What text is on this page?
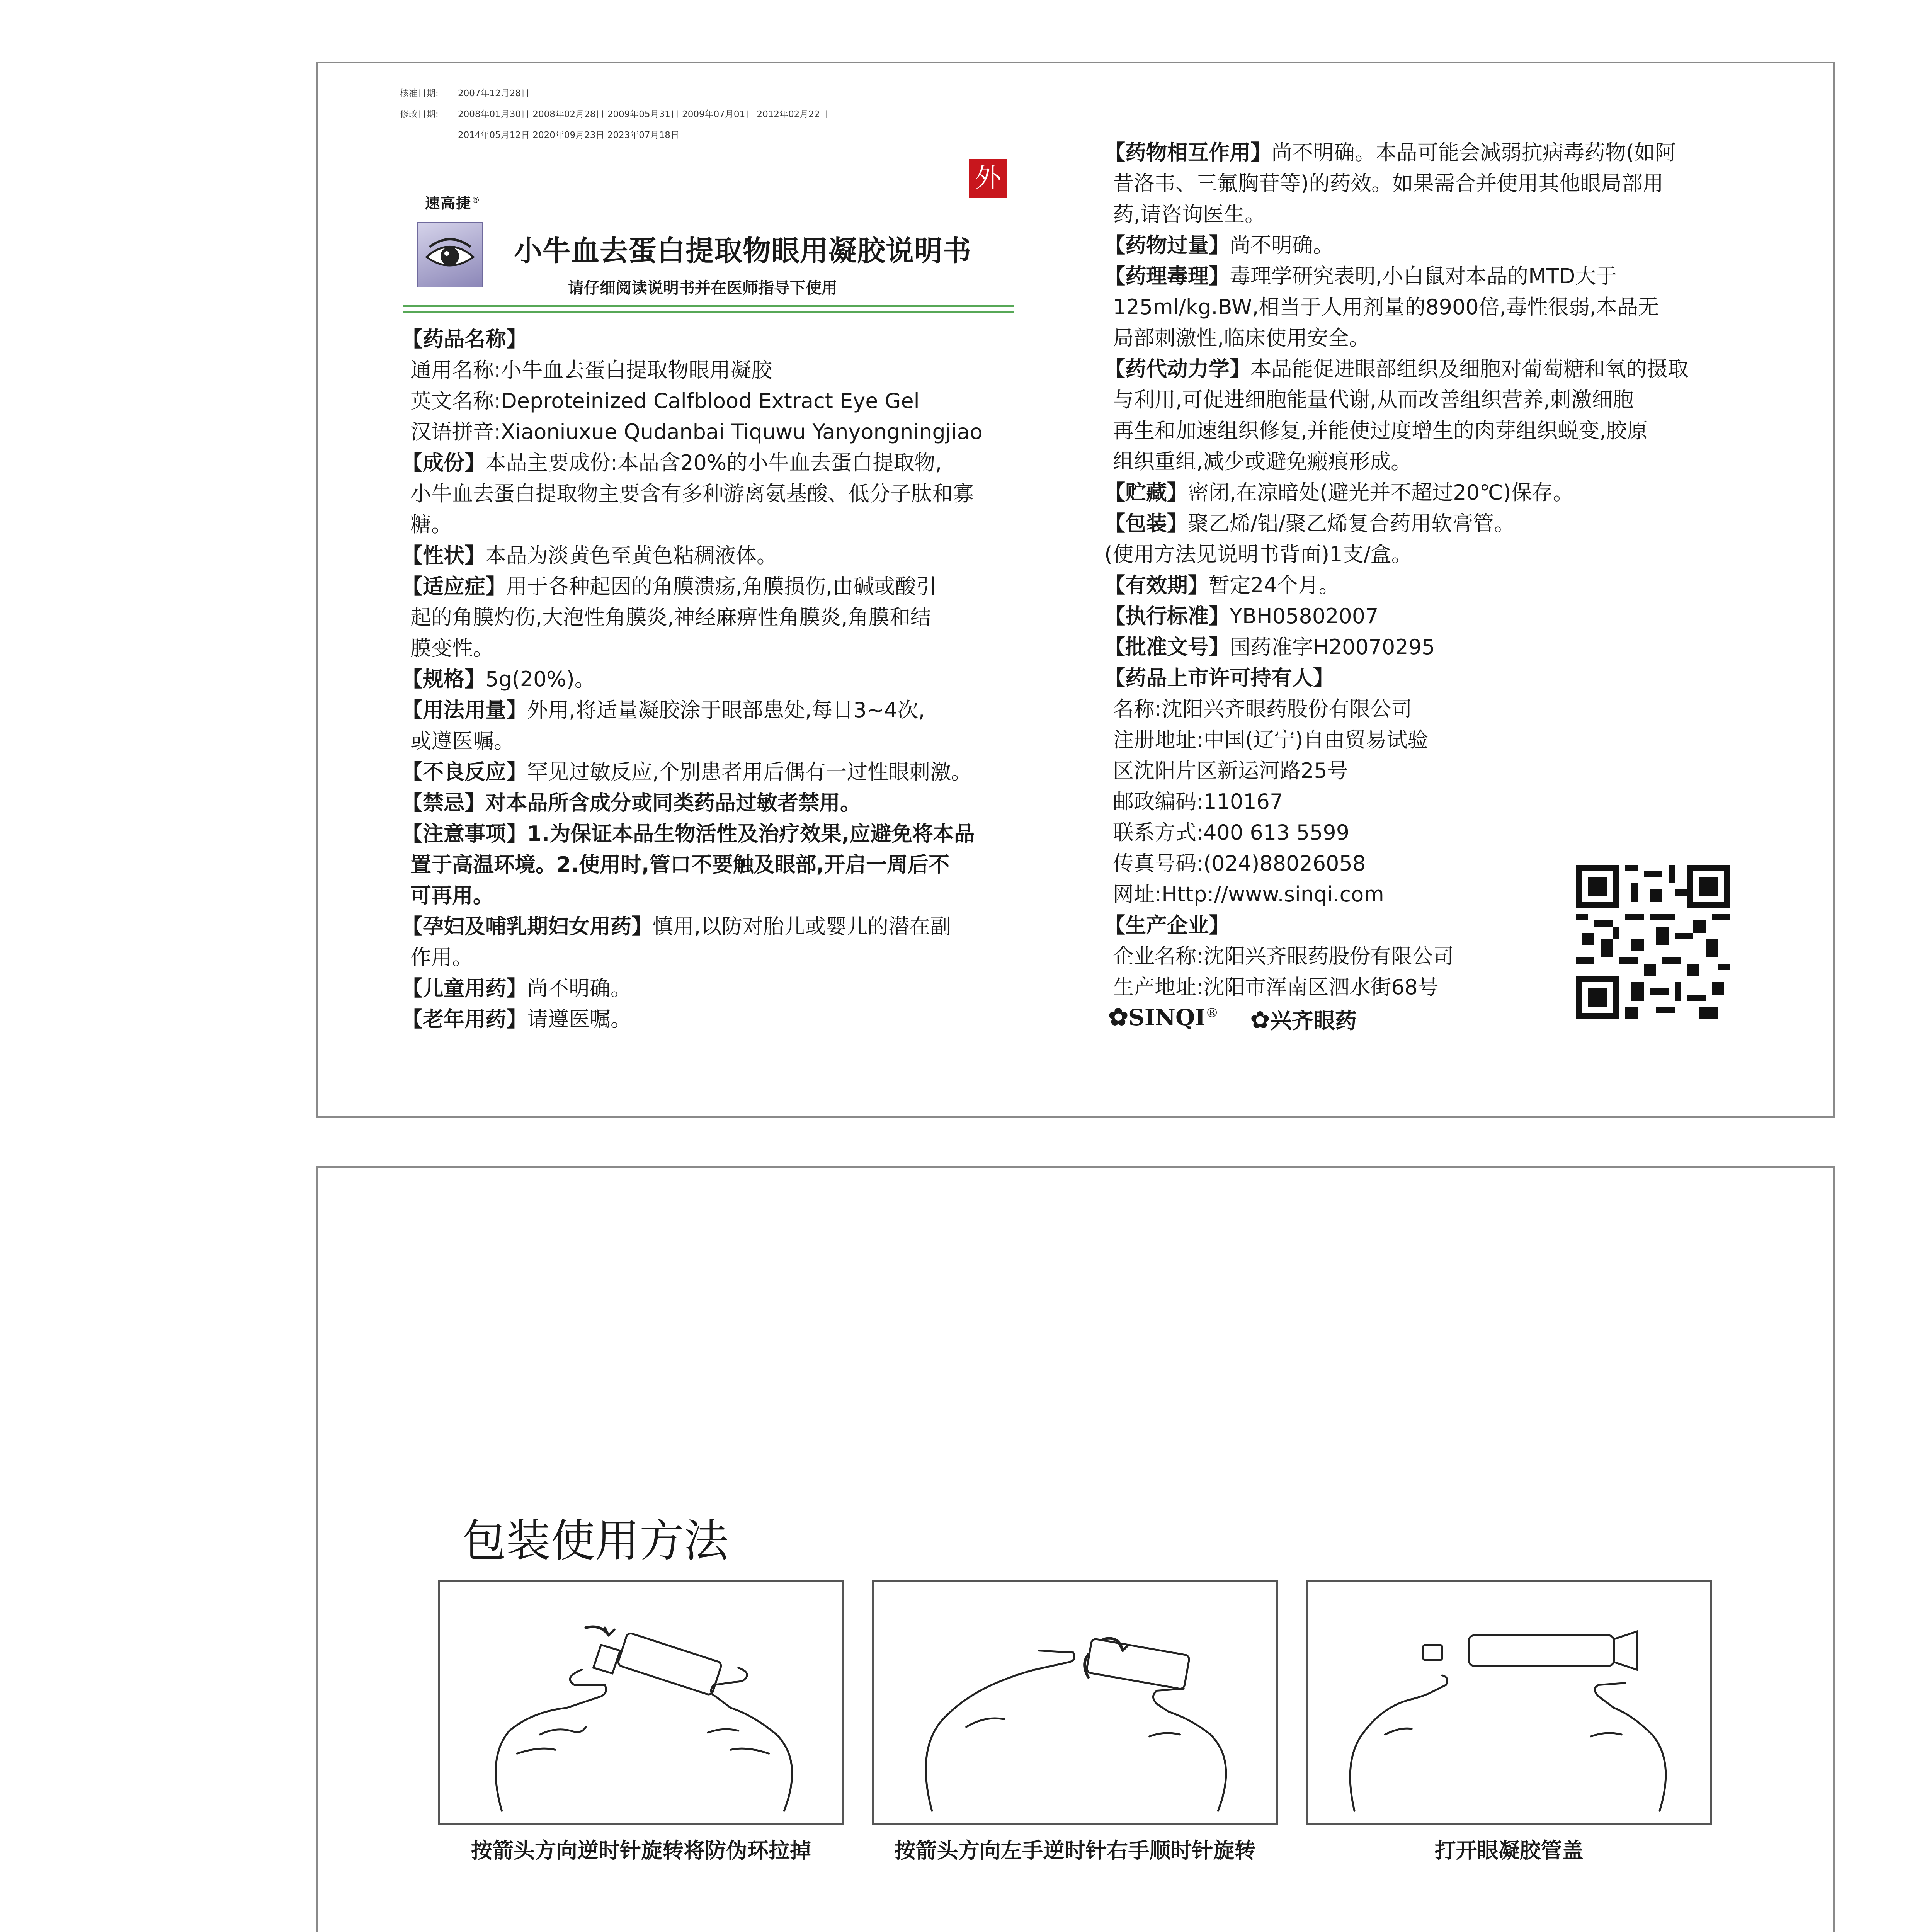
核准日期: 2007年12月28日
修改日期: 2008年01月30日 2008年02月28日 2009年05月31日 2009年07月01日 2012年02月22日
2014年05月12日 2020年09月23日 2023年07月18日
速高捷®
小牛血去蛋白提取物眼用凝胶说明书
外
请仔细阅读说明书并在医师指导下使用
【药品名称】
通用名称:小牛血去蛋白提取物眼用凝胶
英文名称:Deproteinized Calfblood Extract Eye Gel
汉语拼音:Xiaoniuxue Qudanbai Tiquwu Yanyongningjiao
【成份】本品主要成份:本品含20%的小牛血去蛋白提取物,
小牛血去蛋白提取物主要含有多种游离氨基酸、低分子肽和寡
糖。
【性状】本品为淡黄色至黄色粘稠液体。
【适应症】用于各种起因的角膜溃疡,角膜损伤,由碱或酸引
起的角膜灼伤,大泡性角膜炎,神经麻痹性角膜炎,角膜和结
膜变性。
【规格】5g(20%)。
【用法用量】外用,将适量凝胶涂于眼部患处,每日3~4次,
或遵医嘱。
【不良反应】罕见过敏反应,个别患者用后偶有一过性眼刺激。
【禁忌】对本品所含成分或同类药品过敏者禁用。
【注意事项】1.为保证本品生物活性及治疗效果,应避免将本品
置于高温环境。2.使用时,管口不要触及眼部,开启一周后不
可再用。
【孕妇及哺乳期妇女用药】慎用,以防对胎儿或婴儿的潜在副
作用。
【儿童用药】尚不明确。
【老年用药】请遵医嘱。
【药物相互作用】尚不明确。本品可能会减弱抗病毒药物(如阿
昔洛韦、三氟胸苷等)的药效。如果需合并使用其他眼局部用
药,请咨询医生。
【药物过量】尚不明确。
【药理毒理】毒理学研究表明,小白鼠对本品的MTD大于
125ml/kg.BW,相当于人用剂量的8900倍,毒性很弱,本品无
局部刺激性,临床使用安全。
【药代动力学】本品能促进眼部组织及细胞对葡萄糖和氧的摄取
与利用,可促进细胞能量代谢,从而改善组织营养,刺激细胞
再生和加速组织修复,并能使过度增生的肉芽组织蜕变,胶原
组织重组,减少或避免瘢痕形成。
【贮藏】密闭,在凉暗处(避光并不超过20℃)保存。
【包装】聚乙烯/铝/聚乙烯复合药用软膏管。
(使用方法见说明书背面)1支/盒。
【有效期】暂定24个月。
【执行标准】YBH05802007
【批准文号】国药准字H20070295
【药品上市许可持有人】
名称:沈阳兴齐眼药股份有限公司
注册地址:中国(辽宁)自由贸易试验
区沈阳片区新运河路25号
邮政编码:110167
联系方式:400 613 5599
传真号码:(024)88026058
网址:Http://www.sinqi.com
【生产企业】
企业名称:沈阳兴齐眼药股份有限公司
生产地址:沈阳市浑南区泗水街68号
✿SINQI® ✿兴齐眼药
包装使用方法
按箭头方向逆时针旋转将防伪环拉掉	按箭头方向左手逆时针右手顺时针旋转	打开眼凝胶管盖
